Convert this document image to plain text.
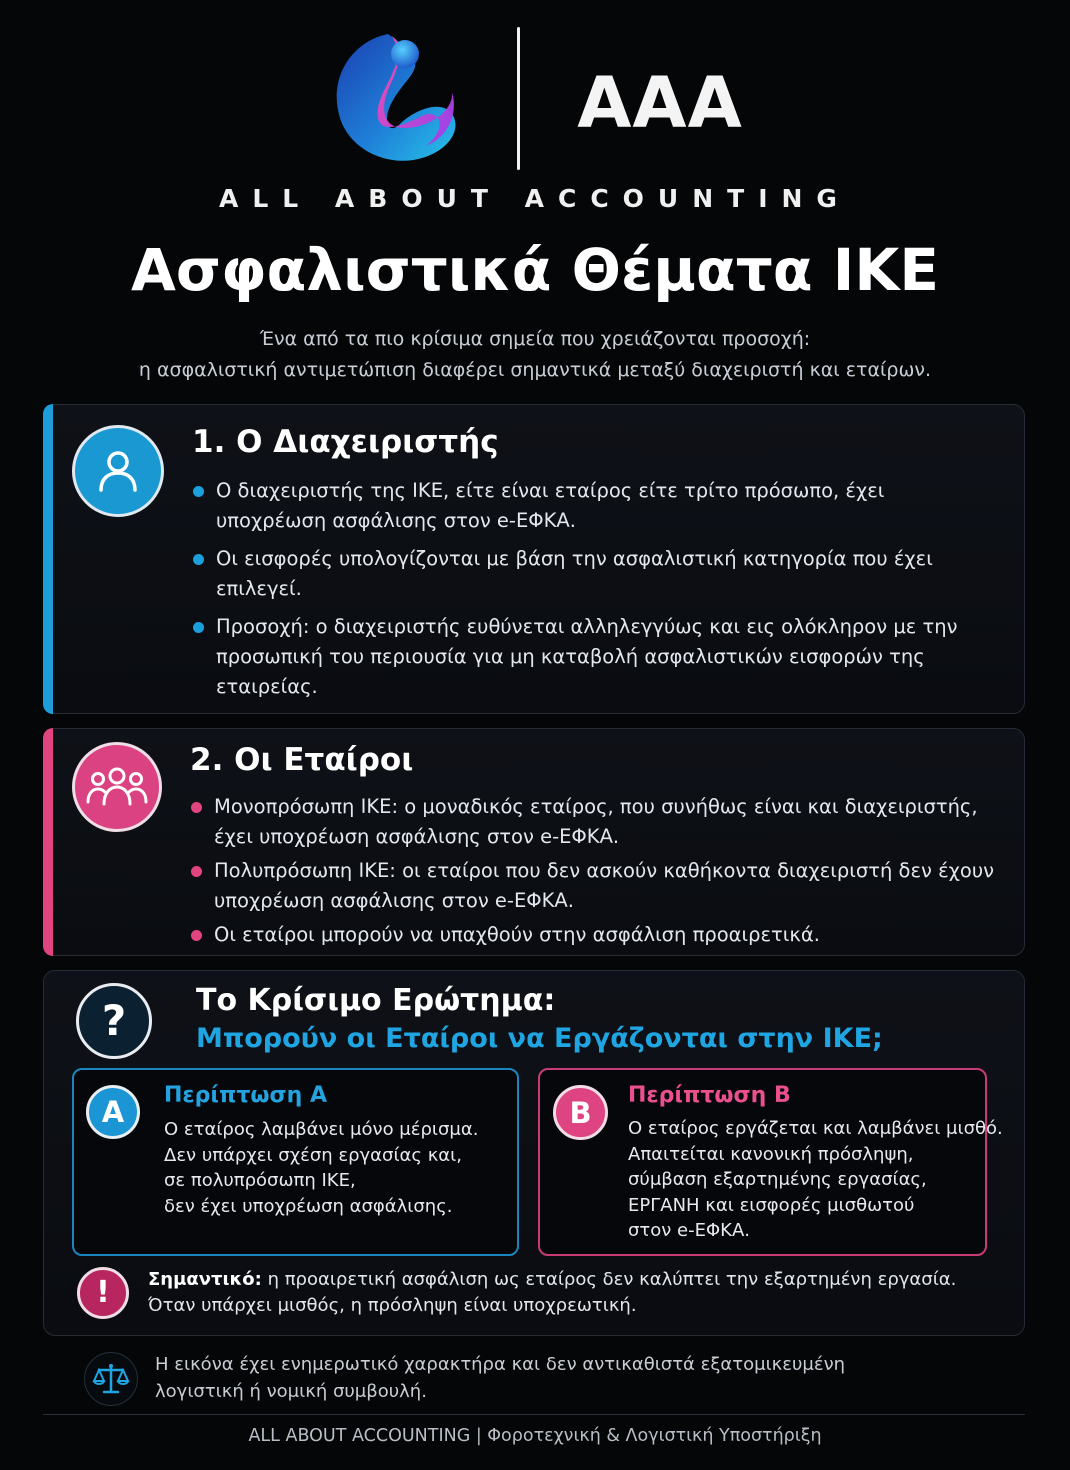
AAA
ALL ABOUT ACCOUNTING
Ασφαλιστικά Θέματα ΙΚΕ
Ένα από τα πιο κρίσιμα σημεία που χρειάζονται προσοχή:
η ασφαλιστική αντιμετώπιση διαφέρει σημαντικά μεταξύ διαχειριστή και εταίρων.
1. Ο Διαχειριστής
Ο διαχειριστής της ΙΚΕ, είτε είναι εταίρος είτε τρίτο πρόσωπο, έχει υποχρέωση ασφάλισης στον e-ΕΦΚΑ.
Οι εισφορές υπολογίζονται με βάση την ασφαλιστική κατηγορία που έχει επιλεγεί.
Προσοχή: ο διαχειριστής ευθύνεται αλληλεγγύως και εις ολόκληρον με την προσωπική του περιουσία για μη καταβολή ασφαλιστικών εισφορών της εταιρείας.
2. Οι Εταίροι
Μονοπρόσωπη ΙΚΕ: ο μοναδικός εταίρος, που συνήθως είναι και διαχειριστής, έχει υποχρέωση ασφάλισης στον e-ΕΦΚΑ.
Πολυπρόσωπη ΙΚΕ: οι εταίροι που δεν ασκούν καθήκοντα διαχειριστή δεν έχουν υποχρέωση ασφάλισης στον e-ΕΦΚΑ.
Οι εταίροι μπορούν να υπαχθούν στην ασφάλιση προαιρετικά.
? Το Κρίσιμο Ερώτημα:
Μπορούν οι Εταίροι να Εργάζονται στην ΙΚΕ;
A	Περίπτωση Α
Ο εταίρος λαμβάνει μόνο μέρισμα.
Δεν υπάρχει σχέση εργασίας και,
σε πολυπρόσωπη ΙΚΕ,
δεν έχει υποχρέωση ασφάλισης.
B	Περίπτωση Β
Ο εταίρος εργάζεται και λαμβάνει μισθό.
Απαιτείται κανονική πρόσληψη,
σύμβαση εξαρτημένης εργασίας,
ΕΡΓΑΝΗ και εισφορές μισθωτού
στον e-ΕΦΚΑ.
! Σημαντικό: η προαιρετική ασφάλιση ως εταίρος δεν καλύπτει την εξαρτημένη εργασία.
Όταν υπάρχει μισθός, η πρόσληψη είναι υποχρεωτική.
Η εικόνα έχει ενημερωτικό χαρακτήρα και δεν αντικαθιστά εξατομικευμένη
λογιστική ή νομική συμβουλή.
ALL ABOUT ACCOUNTING | Φοροτεχνική & Λογιστική Υποστήριξη
